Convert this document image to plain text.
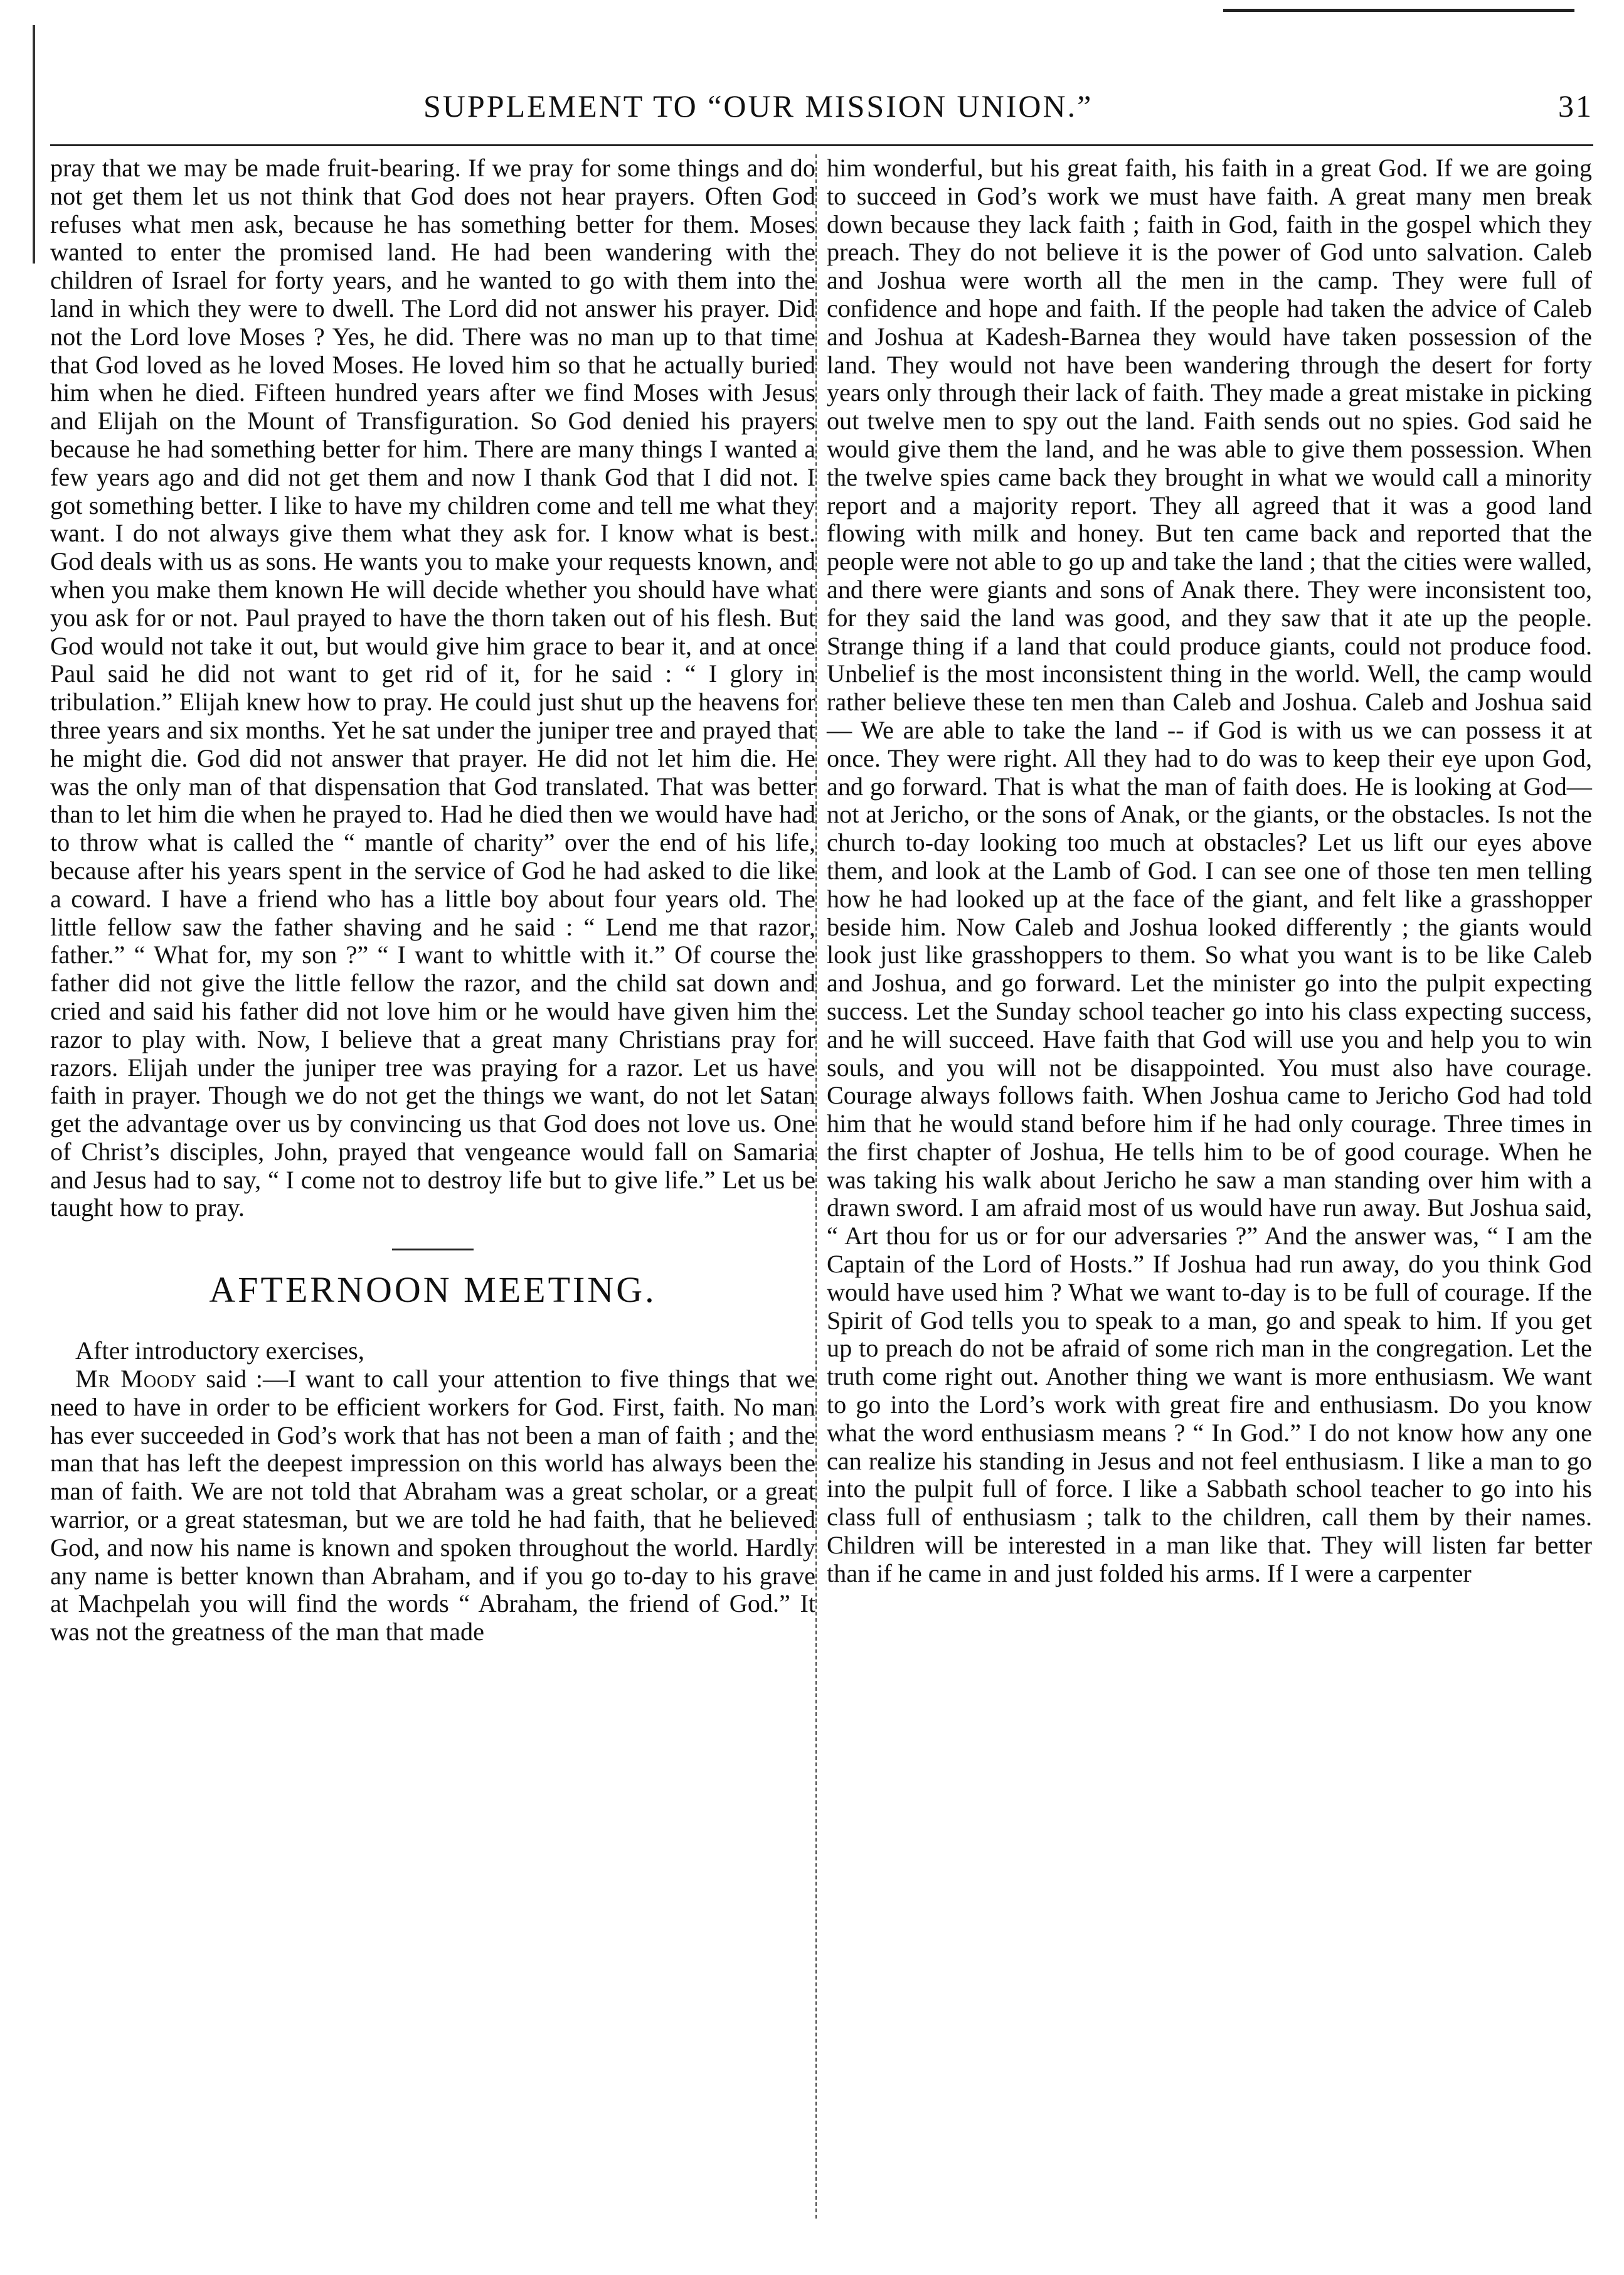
SUPPLEMENT TO “OUR MISSION UNION.”	31

pray that we may be made fruit-bearing. If we pray for some things and do not get them let us not think that God does not hear prayers. Often God refuses what men ask, because he has something better for them. Moses wanted to enter the promised land. He had been wandering with the children of Israel for forty years, and he wanted to go with them into the land in which they were to dwell. The Lord did not answer his prayer. Did not the Lord love Moses ? Yes, he did. There was no man up to that time that God loved as he loved Moses. He loved him so that he actually buried him when he died. Fifteen hundred years after we find Moses with Jesus and Elijah on the Mount of Transfiguration. So God denied his prayers because he had something better for him. There are many things I wanted a few years ago and did not get them and now I thank God that I did not. I got something better. I like to have my children come and tell me what they want. I do not always give them what they ask for. I know what is best. God deals with us as sons. He wants you to make your requests known, and when you make them known He will decide whether you should have what you ask for or not. Paul prayed to have the thorn taken out of his flesh. But God would not take it out, but would give him grace to bear it, and at once Paul said he did not want to get rid of it, for he said : “ I glory in tribulation.” Elijah knew how to pray. He could just shut up the heavens for three years and six months. Yet he sat under the juniper tree and prayed that he might die. God did not answer that prayer. He did not let him die. He was the only man of that dispensation that God translated. That was better than to let him die when he prayed to. Had he died then we would have had to throw what is called the “ mantle of charity” over the end of his life, because after his years spent in the service of God he had asked to die like a coward. I have a friend who has a little boy about four years old. The little fellow saw the father shaving and he said : “ Lend me that razor, father.” “ What for, my son ?” “ I want to whittle with it.” Of course the father did not give the little fellow the razor, and the child sat down and cried and said his father did not love him or he would have given him the razor to play with. Now, I believe that a great many Christians pray for razors. Elijah under the juniper tree was praying for a razor. Let us have faith in prayer. Though we do not get the things we want, do not let Satan get the advantage over us by convincing us that God does not love us. One of Christ’s disciples, John, prayed that vengeance would fall on Samaria and Jesus had to say, “ I come not to destroy life but to give life.” Let us be taught how to pray.

AFTERNOON MEETING.

After introductory exercises,

Mr Moody said :—I want to call your attention to five things that we need to have in order to be efficient workers for God. First, faith. No man has ever succeeded in God’s work that has not been a man of faith ; and the man that has left the deepest impression on this world has always been the man of faith. We are not told that Abraham was a great scholar, or a great warrior, or a great statesman, but we are told he had faith, that he believed God, and now his name is known and spoken throughout the world. Hardly any name is better known than Abraham, and if you go to-day to his grave at Machpelah you will find the words “ Abraham, the friend of God.” It was not the greatness of the man that made

him wonderful, but his great faith, his faith in a great God. If we are going to succeed in God’s work we must have faith. A great many men break down because they lack faith ; faith in God, faith in the gospel which they preach. They do not believe it is the power of God unto salvation. Caleb and Joshua were worth all the men in the camp. They were full of confidence and hope and faith. If the people had taken the advice of Caleb and Joshua at Kadesh-Barnea they would have taken possession of the land. They would not have been wandering through the desert for forty years only through their lack of faith. They made a great mistake in picking out twelve men to spy out the land. Faith sends out no spies. God said he would give them the land, and he was able to give them possession. When the twelve spies came back they brought in what we would call a minority report and a majority report. They all agreed that it was a good land flowing with milk and honey. But ten came back and reported that the people were not able to go up and take the land ; that the cities were walled, and there were giants and sons of Anak there. They were inconsistent too, for they said the land was good, and they saw that it ate up the people. Strange thing if a land that could produce giants, could not produce food. Unbelief is the most inconsistent thing in the world. Well, the camp would rather believe these ten men than Caleb and Joshua. Caleb and Joshua said— We are able to take the land -- if God is with us we can possess it at once. They were right. All they had to do was to keep their eye upon God, and go forward. That is what the man of faith does. He is looking at God—not at Jericho, or the sons of Anak, or the giants, or the obstacles. Is not the church to-day looking too much at obstacles? Let us lift our eyes above them, and look at the Lamb of God. I can see one of those ten men telling how he had looked up at the face of the giant, and felt like a grasshopper beside him. Now Caleb and Joshua looked differently ; the giants would look just like grasshoppers to them. So what you want is to be like Caleb and Joshua, and go forward. Let the minister go into the pulpit expecting success. Let the Sunday school teacher go into his class expecting success, and he will succeed. Have faith that God will use you and help you to win souls, and you will not be disappointed. You must also have courage. Courage always follows faith. When Joshua came to Jericho God had told him that he would stand before him if he had only courage. Three times in the first chapter of Joshua, He tells him to be of good courage. When he was taking his walk about Jericho he saw a man standing over him with a drawn sword. I am afraid most of us would have run away. But Joshua said, “ Art thou for us or for our adversaries ?” And the answer was, “ I am the Captain of the Lord of Hosts.” If Joshua had run away, do you think God would have used him ? What we want to-day is to be full of courage. If the Spirit of God tells you to speak to a man, go and speak to him. If you get up to preach do not be afraid of some rich man in the congregation. Let the truth come right out. Another thing we want is more enthusiasm. We want to go into the Lord’s work with great fire and enthusiasm. Do you know what the word enthusiasm means ? “ In God.” I do not know how any one can realize his standing in Jesus and not feel enthusiasm. I like a man to go into the pulpit full of force. I like a Sabbath school teacher to go into his class full of enthusiasm ; talk to the children, call them by their names. Children will be interested in a man like that. They will listen far better than if he came in and just folded his arms. If I were a carpenter
